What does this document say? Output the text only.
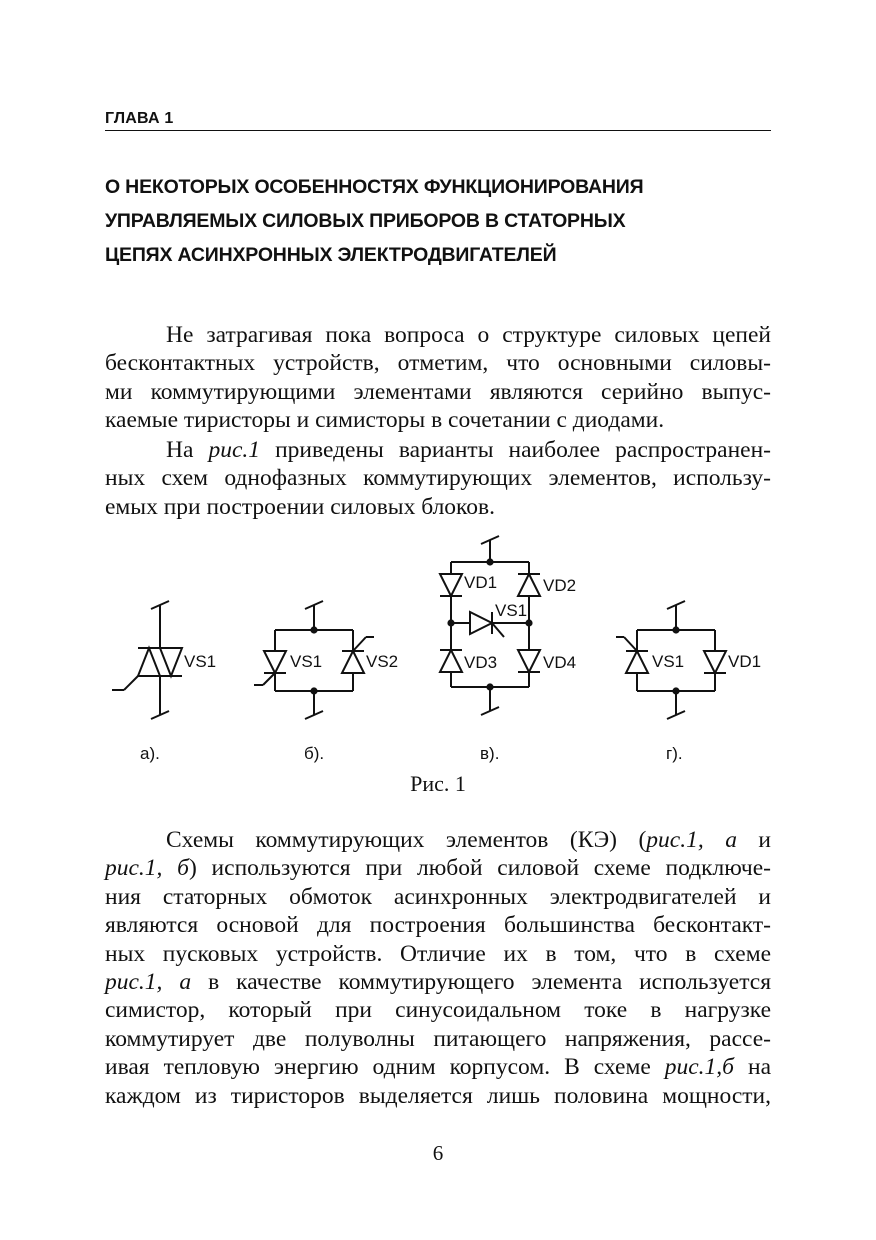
ГЛАВА 1
О НЕКОТОРЫХ ОСОБЕННОСТЯХ ФУНКЦИОНИРОВАНИЯ
УПРАВЛЯЕМЫХ СИЛОВЫХ ПРИБОРОВ В СТАТОРНЫХ
ЦЕПЯХ АСИНХРОННЫХ ЭЛЕКТРОДВИГАТЕЛЕЙ
Не затрагивая пока вопроса о структуре силовых цепей
бесконтактных устройств, отметим, что основными силовы-
ми коммутирующими элементами являются серийно выпус-
каемые тиристоры и симисторы в сочетании с диодами.
На рис.1 приведены варианты наиболее распространен-
ных схем однофазных коммутирующих элементов, использу-
емых при построении силовых блоков.
VS1	VS1	VS2
VD1	VD2
VS1
VD3	VD4	VS1	VD1
а).	б).	в).	г).
Рис. 1
Схемы коммутирующих элементов (КЭ) (рис.1, а и
рис.1, б) используются при любой силовой схеме подключе-
ния статорных обмоток асинхронных электродвигателей и
являются основой для построения большинства бесконтакт-
ных пусковых устройств. Отличие их в том, что в схеме
рис.1, а в качестве коммутирующего элемента используется
симистор, который при синусоидальном токе в нагрузке
коммутирует две полуволны питающего напряжения, рассе-
ивая тепловую энергию одним корпусом. В схеме рис.1,б на
каждом из тиристоров выделяется лишь половина мощности,
6
